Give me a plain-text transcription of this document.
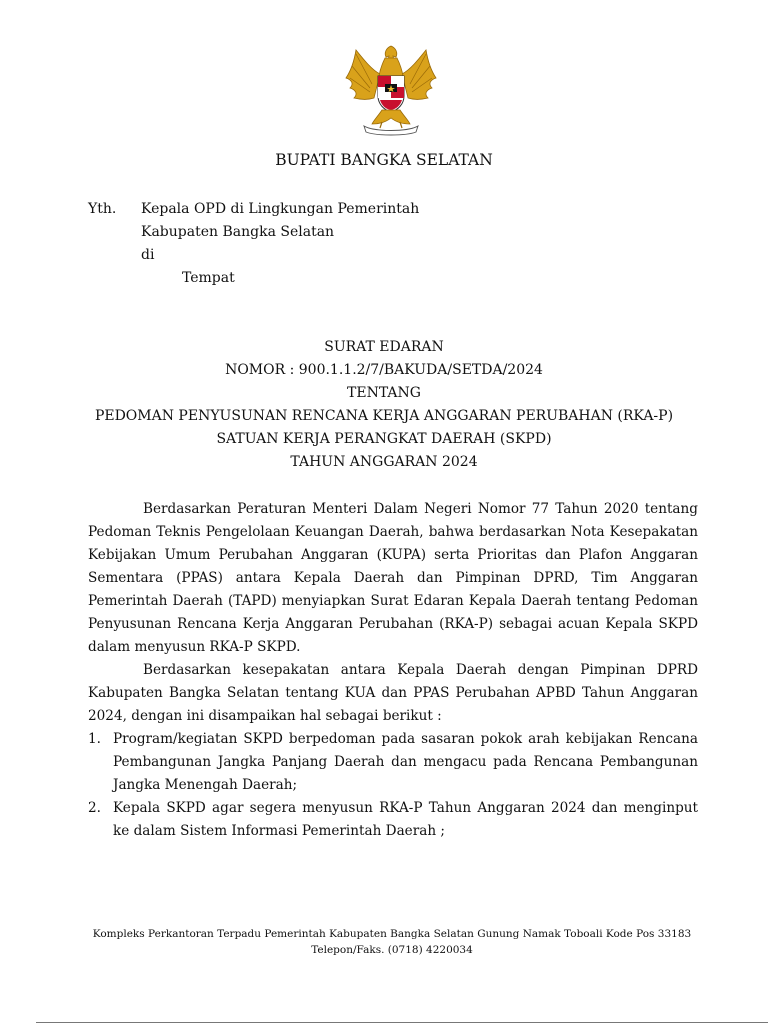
BUPATI BANGKA SELATAN
Yth. Kepala OPD di Lingkungan Pemerintah
Kabupaten Bangka Selatan
di
Tempat
SURAT EDARAN
NOMOR : 900.1.1.2/7/BAKUDA/SETDA/2024
TENTANG
PEDOMAN PENYUSUNAN RENCANA KERJA ANGGARAN PERUBAHAN (RKA-P)
SATUAN KERJA PERANGKAT DAERAH (SKPD)
TAHUN ANGGARAN 2024

Berdasarkan Peraturan Menteri Dalam Negeri Nomor 77 Tahun 2020 tentang Pedoman Teknis Pengelolaan Keuangan Daerah, bahwa berdasarkan Nota Kesepakatan Kebijakan Umum Perubahan Anggaran (KUPA) serta Prioritas dan Plafon Anggaran Sementara (PPAS) antara Kepala Daerah dan Pimpinan DPRD, Tim Anggaran Pemerintah Daerah (TAPD) menyiapkan Surat Edaran Kepala Daerah tentang Pedoman Penyusunan Rencana Kerja Anggaran Perubahan (RKA-P) sebagai acuan Kepala SKPD dalam menyusun RKA-P SKPD.

Berdasarkan kesepakatan antara Kepala Daerah dengan Pimpinan DPRD Kabupaten Bangka Selatan tentang KUA dan PPAS Perubahan APBD Tahun Anggaran 2024, dengan ini disampaikan hal sebagai berikut :

1. Program/kegiatan SKPD berpedoman pada sasaran pokok arah kebijakan Rencana Pembangunan Jangka Panjang Daerah dan mengacu pada Rencana Pembangunan Jangka Menengah Daerah;
2. Kepala SKPD agar segera menyusun RKA-P Tahun Anggaran 2024 dan menginput ke dalam Sistem Informasi Pemerintah Daerah ;
Kompleks Perkantoran Terpadu Pemerintah Kabupaten Bangka Selatan Gunung Namak Toboali Kode Pos 33183
Telepon/Faks. (0718) 4220034
